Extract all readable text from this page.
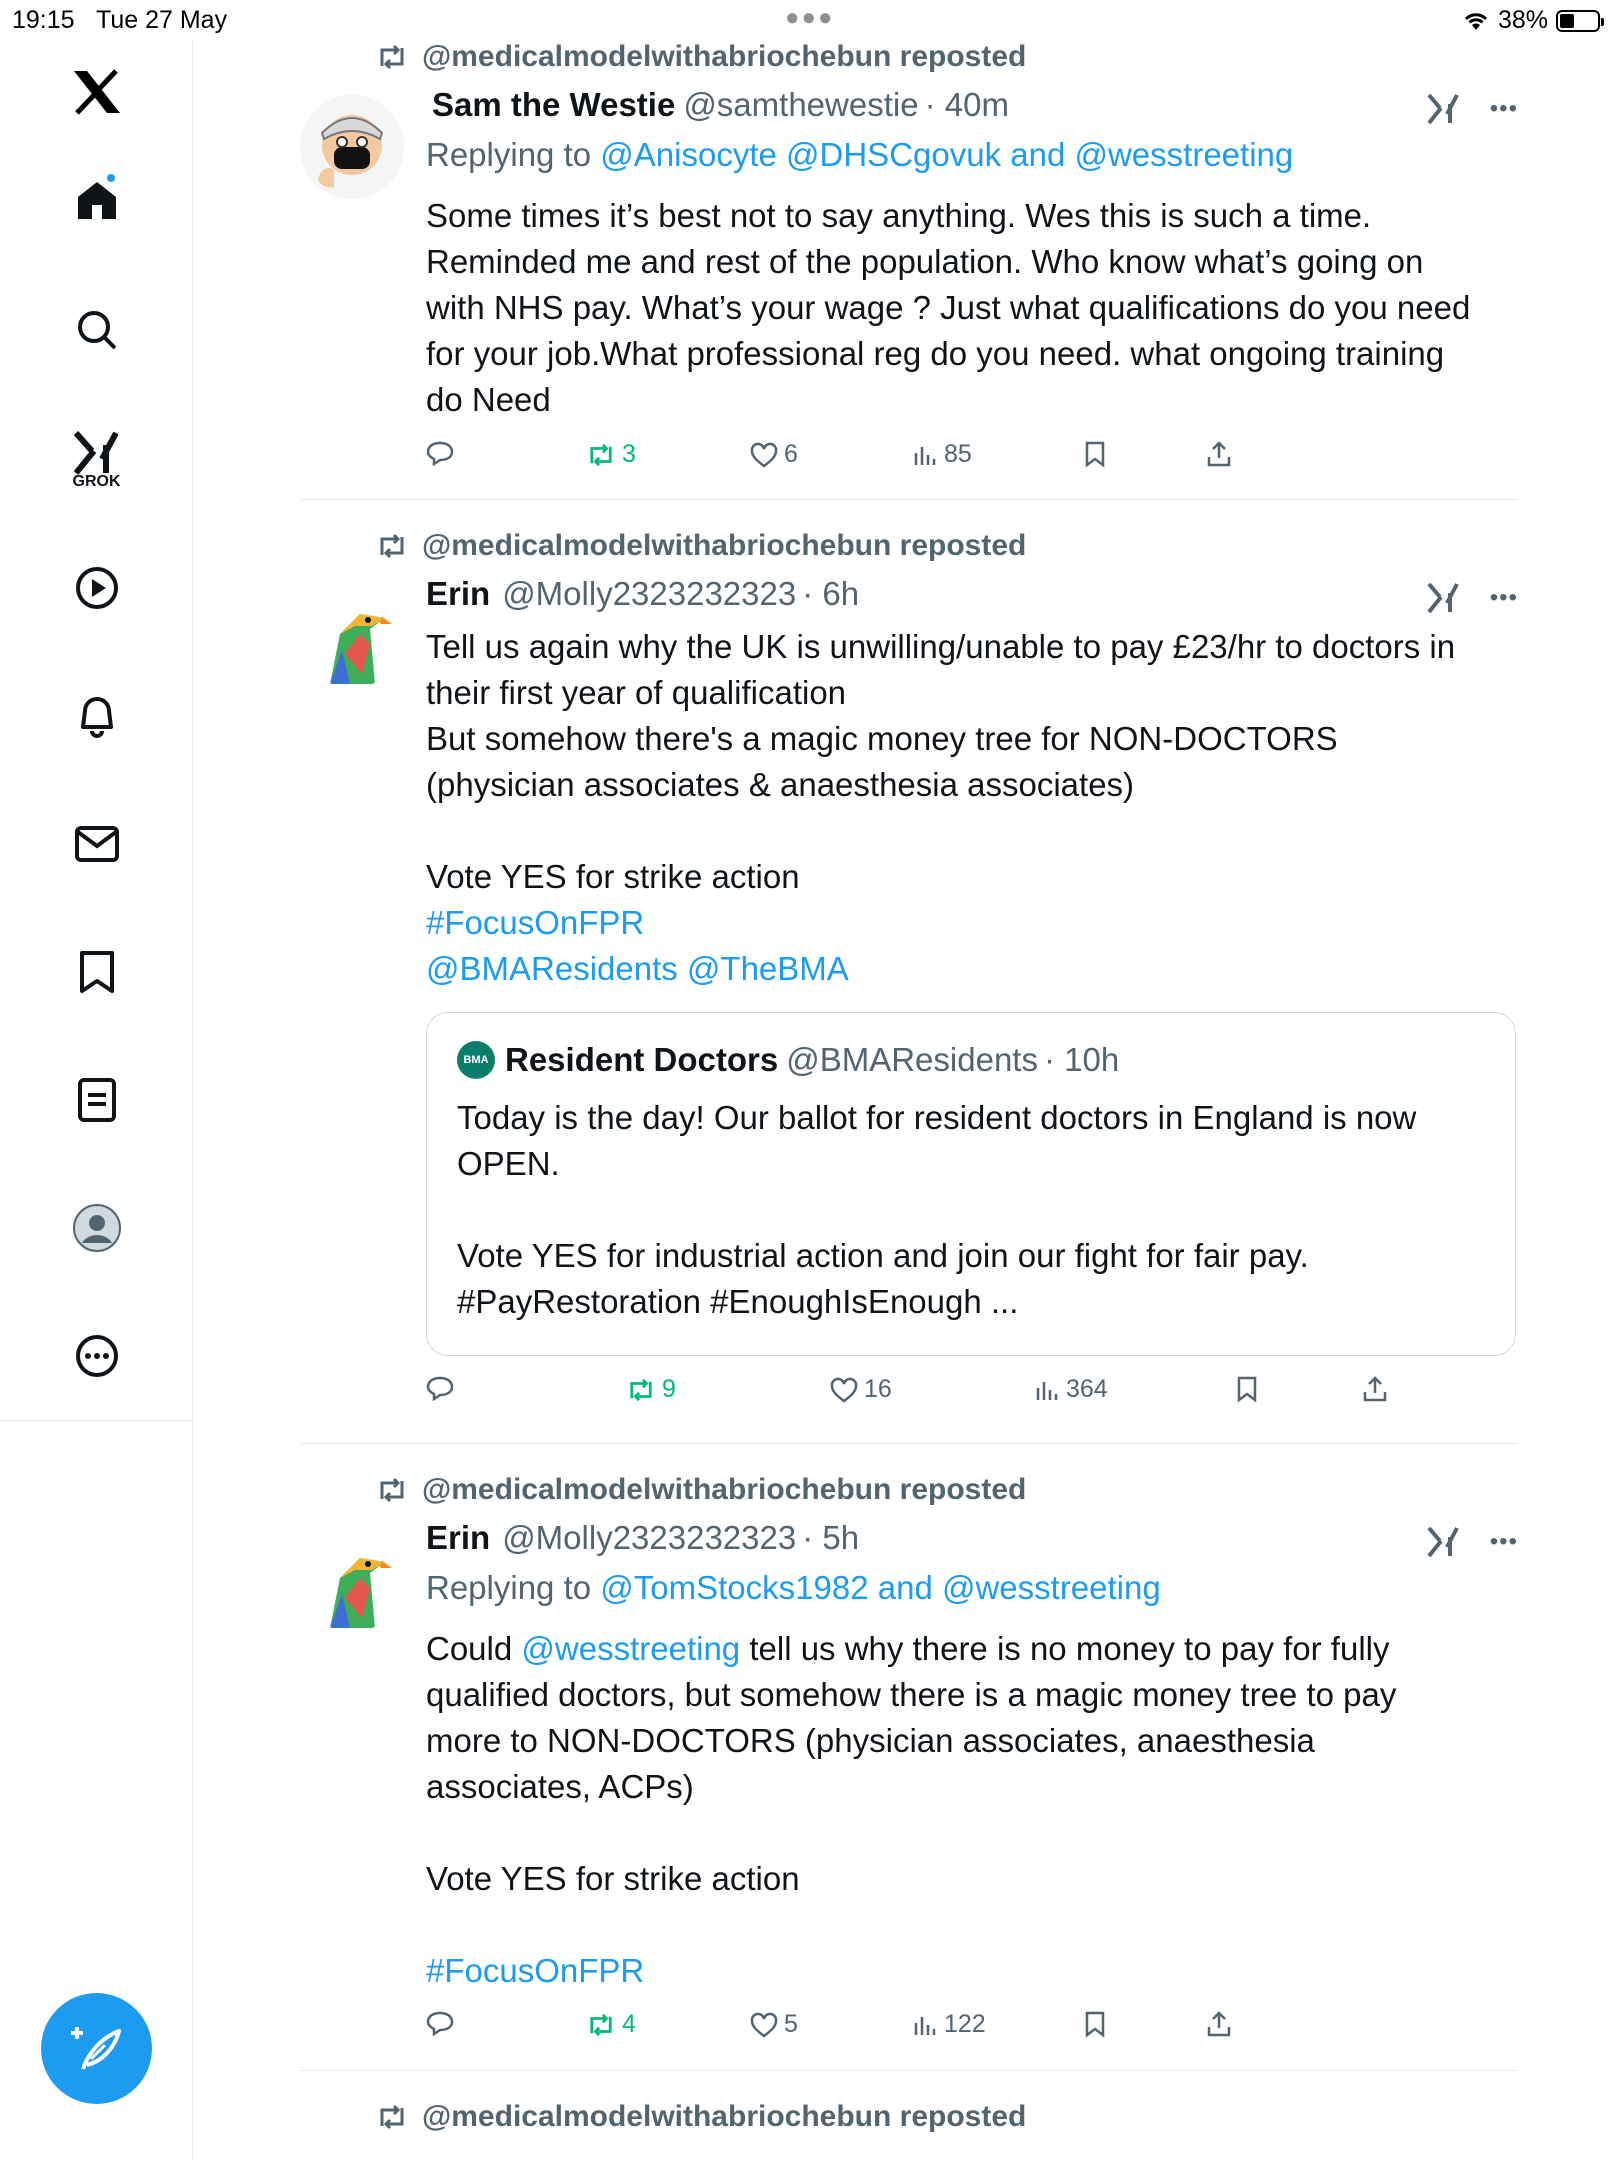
19:15 Tue 27 May	●●●	38%
GROK
@medicalmodelwithabriochebun reposted
Sam the Westie @samthewestie · 40m	•••
Replying to @Anisocyte @DHSCgovuk and @wesstreeting

Some times it’s best not to say anything. Wes this is such a time.

Reminded me and rest of the population. Who know what’s going on

with NHS pay. What’s your wage ? Just what qualifications do you need

for your job.What professional reg do you need. what ongoing training

do Need

3	6	85
@medicalmodelwithabriochebun reposted
Erin @Molly2323232323 · 6h	•••

Tell us again why the UK is unwilling/unable to pay £23/hr to doctors in

their first year of qualification

But somehow there's a magic money tree for NON-DOCTORS

(physician associates & anaesthesia associates)

Vote YES for strike action

#FocusOnFPR

@BMAResidents @TheBMA

BMA Resident Doctors @BMAResidents · 10h

Today is the day! Our ballot for resident doctors in England is now

OPEN.

Vote YES for industrial action and join our fight for fair pay.

#PayRestoration #EnoughIsEnough ...

9	16	364
@medicalmodelwithabriochebun reposted
Erin @Molly2323232323 · 5h	•••
Replying to @TomStocks1982 and @wesstreeting

Could @wesstreeting tell us why there is no money to pay for fully

qualified doctors, but somehow there is a magic money tree to pay

more to NON-DOCTORS (physician associates, anaesthesia

associates, ACPs)

Vote YES for strike action

#FocusOnFPR

4	5	122
@medicalmodelwithabriochebun reposted
